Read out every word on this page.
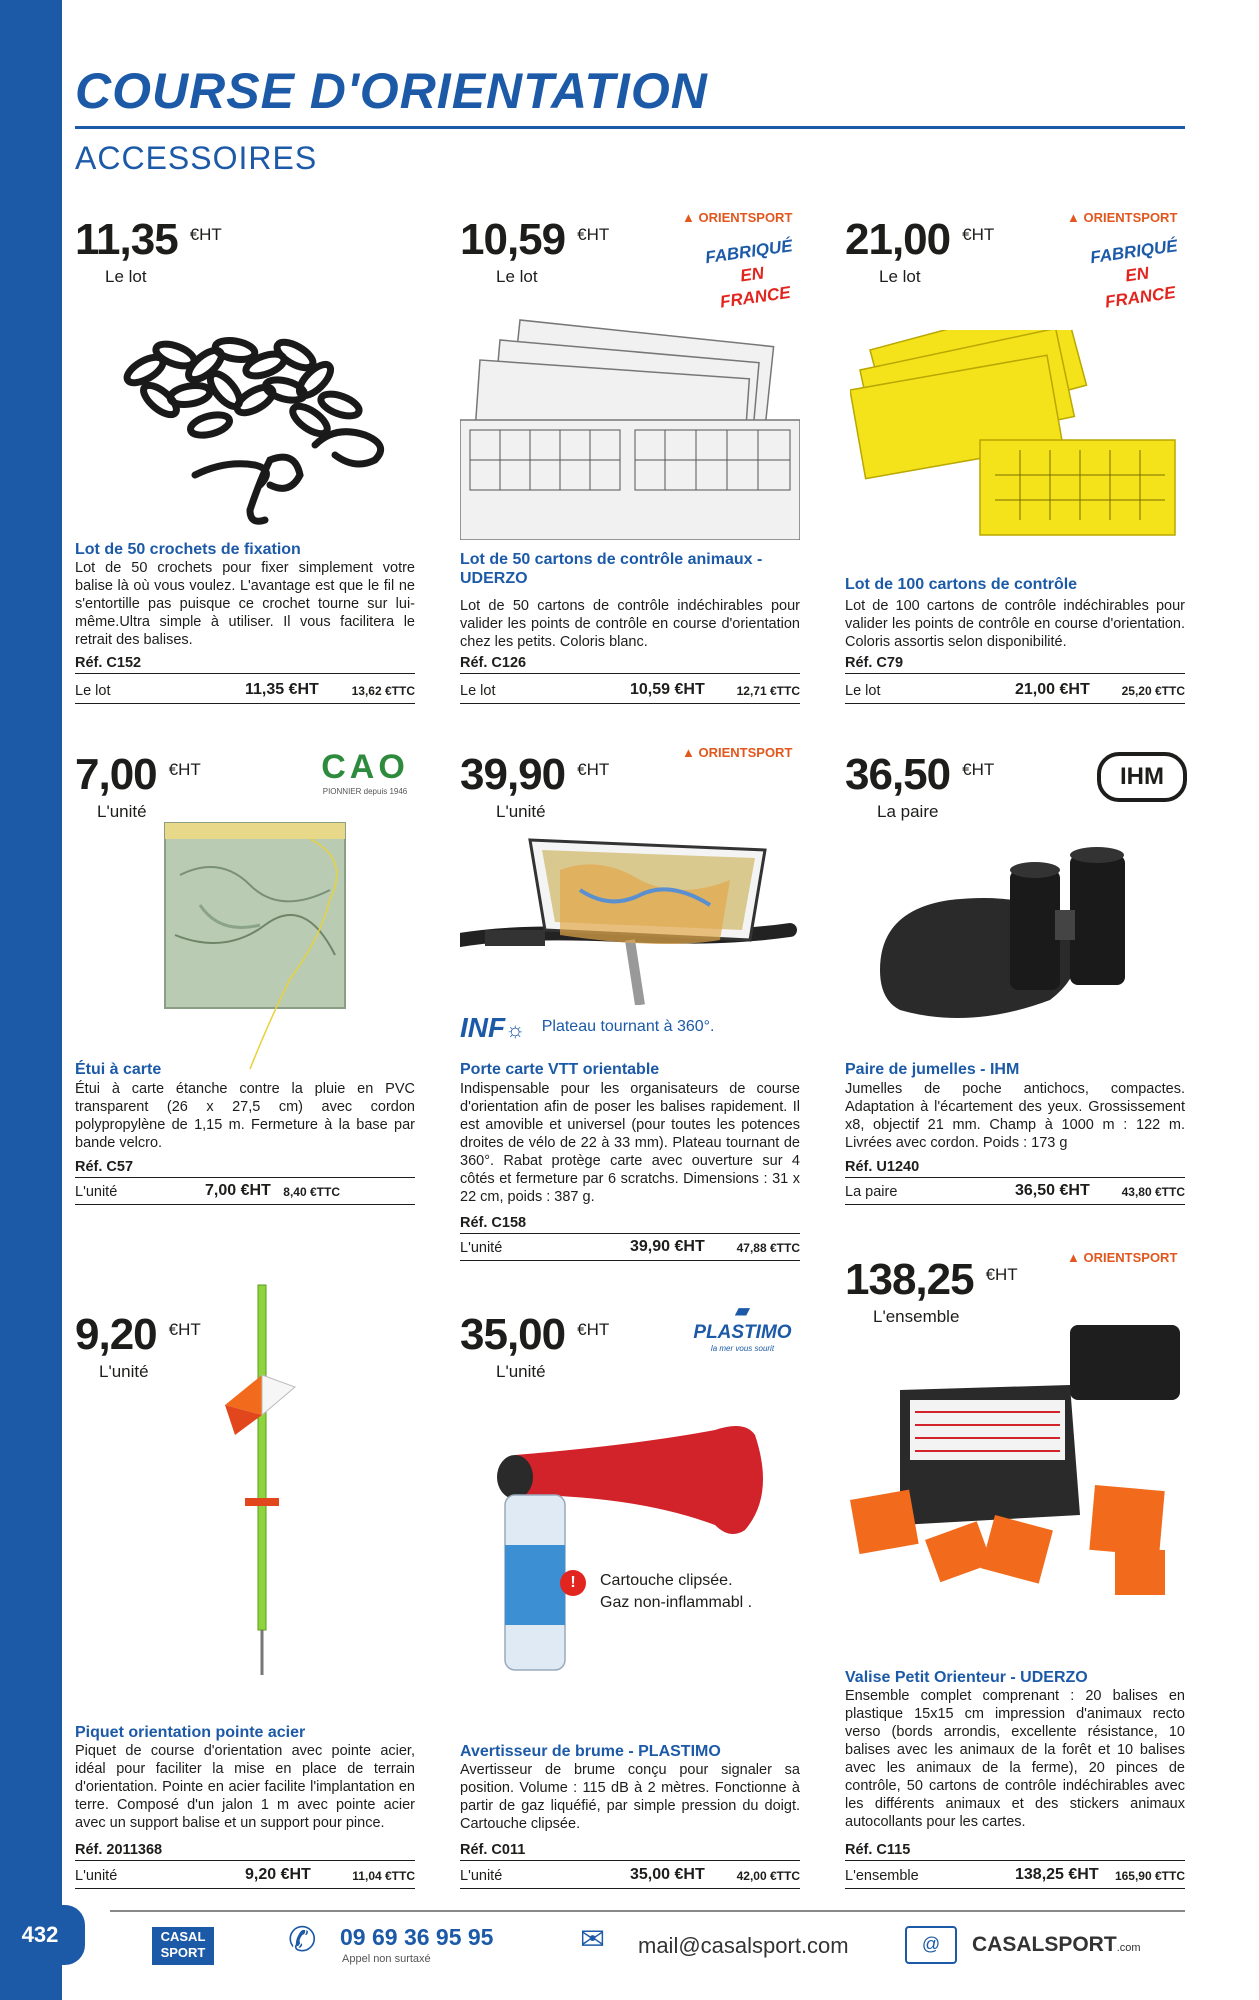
432
COURSE D'ORIENTATION
ACCESSOIRES
11,35 €HT
Le lot
Lot de 50 crochets de fixation
Lot de 50 crochets pour fixer simplement votre balise là où vous voulez. L'avantage est que le fil ne s'entortille pas puisque ce crochet tourne sur lui-même.Ultra simple à utiliser. Il vous facilitera le retrait des balises.
Réf. C152
Le lot	11,35 €HT	13,62 €TTC
10,59 €HT
Le lot
▲ ORIENTSPORT
FABRIQUÉ
EN FRANCE
Lot de 50 cartons de contrôle animaux - UDERZO
Lot de 50 cartons de contrôle indéchirables pour valider les points de contrôle en course d'orientation chez les petits. Coloris blanc.
Réf. C126
Le lot	10,59 €HT	12,71 €TTC
21,00 €HT
Le lot
▲ ORIENTSPORT
FABRIQUÉ
EN FRANCE
Lot de 100 cartons de contrôle
Lot de 100 cartons de contrôle indéchirables pour valider les points de contrôle en course d'orientation. Coloris assortis selon disponibilité.
Réf. C79
Le lot	21,00 €HT	25,20 €TTC
7,00 €HT
L'unité
CAO
PIONNIER depuis 1946
Étui à carte
Étui à carte étanche contre la pluie en PVC transparent (26 x 27,5 cm) avec cordon polypropylène de 1,15 m. Fermeture à la base par bande velcro.
Réf. C57
L'unité	7,00 €HT 8,40 €TTC
39,90 €HT
L'unité
▲ ORIENTSPORT
INF☼ Plateau tournant à 360°.
Porte carte VTT orientable
Indispensable pour les organisateurs de course d'orientation afin de poser les balises rapidement. Il est amovible et universel (pour toutes les potences droites de vélo de 22 à 33 mm). Plateau tournant de 360°. Rabat protège carte avec ouverture sur 4 côtés et fermeture par 6 scratchs. Dimensions : 31 x 22 cm, poids : 387 g.
Réf. C158
L'unité	39,90 €HT	47,88 €TTC
36,50 €HT
La paire
IHM
Paire de jumelles - IHM
Jumelles de poche antichocs, compactes. Adaptation à l'écartement des yeux. Grossissement x8, objectif 21 mm. Champ à 1000 m : 122 m. Livrées avec cordon. Poids : 173 g
Réf. U1240
La paire	36,50 €HT	43,80 €TTC
9,20 €HT
L'unité
Piquet orientation pointe acier
Piquet de course d'orientation avec pointe acier, idéal pour faciliter la mise en place de terrain d'orientation. Pointe en acier facilite l'implantation en terre. Composé d'un jalon 1 m avec pointe acier avec un support balise et un support pour pince.
Réf. 2011368
L'unité	9,20 €HT	11,04 €TTC
35,00 €HT
L'unité
▰
PLASTIMO
la mer vous sourit
!	Cartouche clipsée.
Gaz non-inflammabl .
Avertisseur de brume - PLASTIMO
Avertisseur de brume conçu pour signaler sa position. Volume : 115 dB à 2 mètres. Fonctionne à partir de gaz liquéfié, par simple pression du doigt. Cartouche clipsée.
Réf. C011
L'unité	35,00 €HT	42,00 €TTC
138,25 €HT
L'ensemble
▲ ORIENTSPORT
Valise Petit Orienteur - UDERZO
Ensemble complet comprenant : 20 balises en plastique 15x15 cm impression d'animaux recto verso (bords arrondis, excellente résistance, 10 balises avec les animaux de la forêt et 10 balises avec les animaux de la ferme), 20 pinces de contrôle, 50 cartons de contrôle indéchirables avec les différents animaux et des stickers animaux autocollants pour les cartes.
Réf. C115
L'ensemble	138,25 €HT 165,90 €TTC
CASAL
SPORT ✆ 09 69 36 95 95
Appel non surtaxé
✉ mail@casalsport.com	@	CASALSPORT.com
